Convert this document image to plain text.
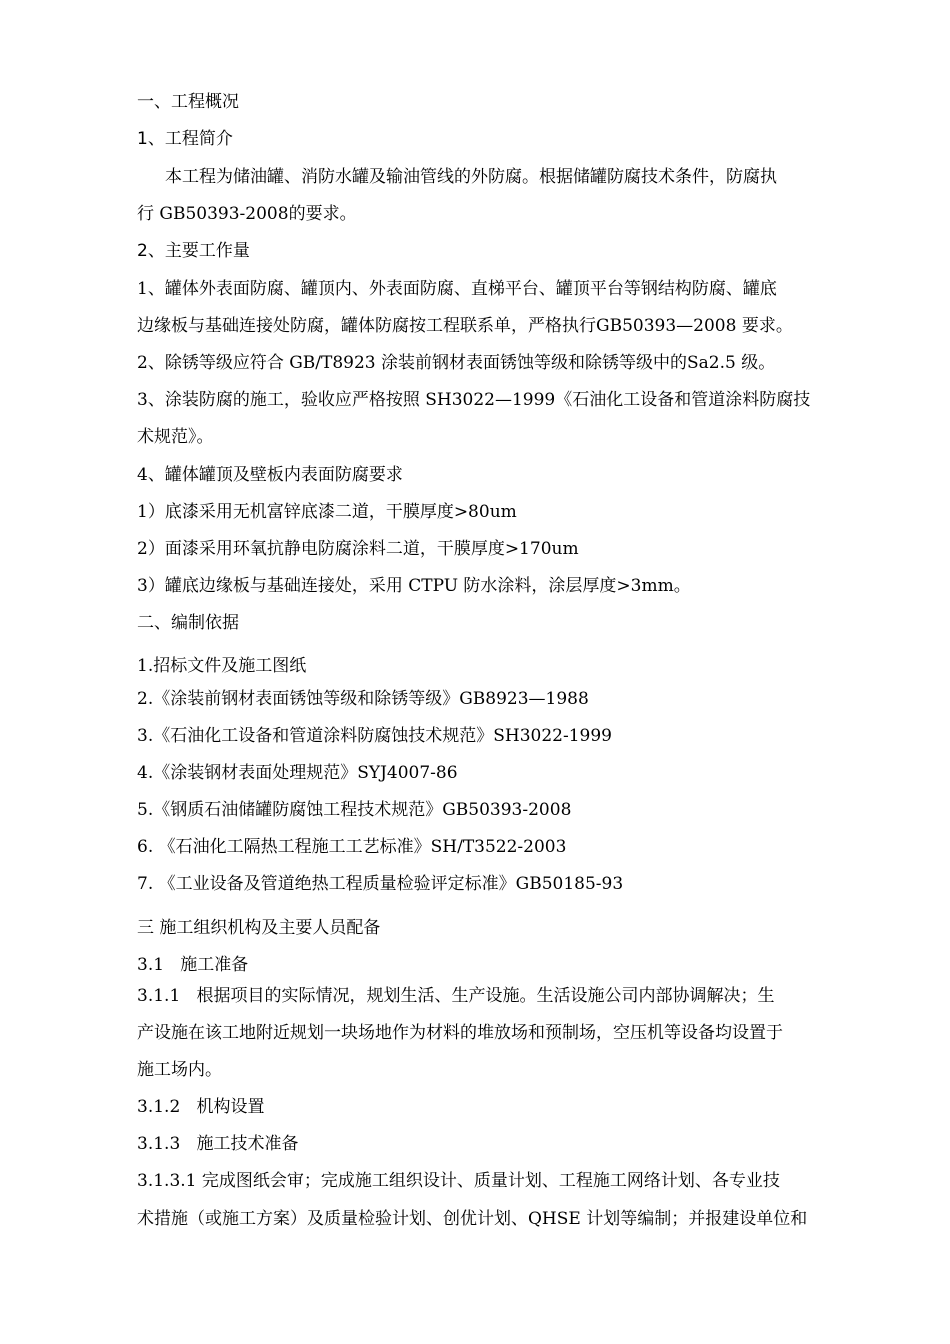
一、工程概况
1、工程简介
本工程为储油罐、消防水罐及输油管线的外防腐。根据储罐防腐技术条件，防腐执
行 GB50393-2008的要求。
2、主要工作量
1、罐体外表面防腐、罐顶内、外表面防腐、直梯平台、罐顶平台等钢结构防腐、罐底
边缘板与基础连接处防腐，罐体防腐按工程联系单，严格执行GB50393—2008 要求。
2、除锈等级应符合 GB/T8923 涂装前钢材表面锈蚀等级和除锈等级中的Sa2.5 级。
3、涂装防腐的施工，验收应严格按照 SH3022—1999《石油化工设备和管道涂料防腐技
术规范》。
4、罐体罐顶及壁板内表面防腐要求
1）底漆采用无机富锌底漆二道，干膜厚度>80um
2）面漆采用环氧抗静电防腐涂料二道，干膜厚度>170um
3）罐底边缘板与基础连接处，采用 CTPU 防水涂料，涂层厚度>3mm。
二、编制依据
1.招标文件及施工图纸
2.《涂装前钢材表面锈蚀等级和除锈等级》GB8923—1988
3.《石油化工设备和管道涂料防腐蚀技术规范》SH3022-1999
4.《涂装钢材表面处理规范》SYJ4007-86
5.《钢质石油储罐防腐蚀工程技术规范》GB50393-2008
6. 《石油化工隔热工程施工工艺标准》SH/T3522-2003
7. 《工业设备及管道绝热工程质量检验评定标准》GB50185-93
三 施工组织机构及主要人员配备
3.1   施工准备
3.1.1   根据项目的实际情况，规划生活、生产设施。生活设施公司内部协调解决；生
产设施在该工地附近规划一块场地作为材料的堆放场和预制场，空压机等设备均设置于
施工场内。
3.1.2   机构设置
3.1.3   施工技术准备
3.1.3.1 完成图纸会审；完成施工组织设计、质量计划、工程施工网络计划、各专业技
术措施（或施工方案）及质量检验计划、创优计划、QHSE 计划等编制；并报建设单位和
